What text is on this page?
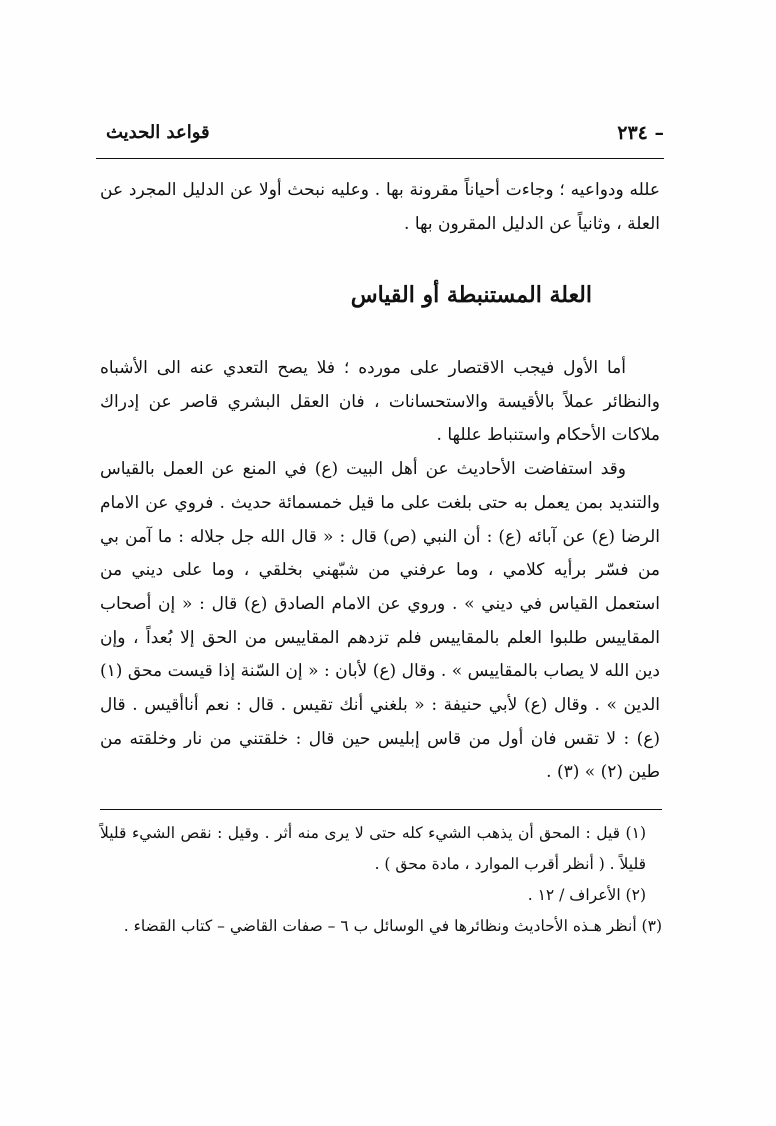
– ٢٣٤
قواعد الحديث

علله ودواعيه ؛ وجاءت أحياناً مقرونة بها . وعليه نبحث أولا عن الدليل المجرد عن العلة ، وثانياً عن الدليل المقرون بها .

العلة المستنبطة أو القياس

أما الأول فيجب الاقتصار على مورده ؛ فلا يصح التعدي عنه الى الأشباه والنظائر عملاً بالأقيسة والاستحسانات ، فان العقل البشري قاصر عن إدراك ملاكات الأحكام واستنباط عللها .

وقد استفاضت الأحاديث عن أهل البيت (ع) في المنع عن العمل بالقياس والتنديد بمن يعمل به حتى بلغت على ما قيل خمسمائة حديث . فروي عن الامام الرضا (ع) عن آبائه (ع) : أن النبي (ص) قال : « قال الله جل جلاله : ما آمن بي من فسّر برأيه كلامي ، وما عرفني من شبّهني بخلقي ، وما على ديني من استعمل القياس في ديني » . وروي عن الامام الصادق (ع) قال : « إن أصحاب المقاييس طلبوا العلم بالمقاييس فلم تزدهم المقاييس من الحق إلا بُعداً ، وإن دين الله لا يصاب بالمقاييس » . وقال (ع) لأبان : « إن السّنة إذا قيست محق (١) الدين » . وقال (ع) لأبي حنيفة : « بلغني أنك تقيس . قال : نعم أناأقيس . قال (ع) : لا تقس فان أول من قاس إبليس حين قال : خلقتني من نار وخلقته من طين (٢) » (٣) .

(١) قيل : المحق أن يذهب الشيء كله حتى لا يرى منه أثر . وقيل : نقص الشيء قليلاً قليلاً . ( أنظر أقرب الموارد ، مادة محق ) .

(٢) الأعراف / ١٢ .

(٣) أنظر هـذه الأحاديث ونظائرها في الوسائل ب ٦ – صفات القاضي – كتاب القضاء .
